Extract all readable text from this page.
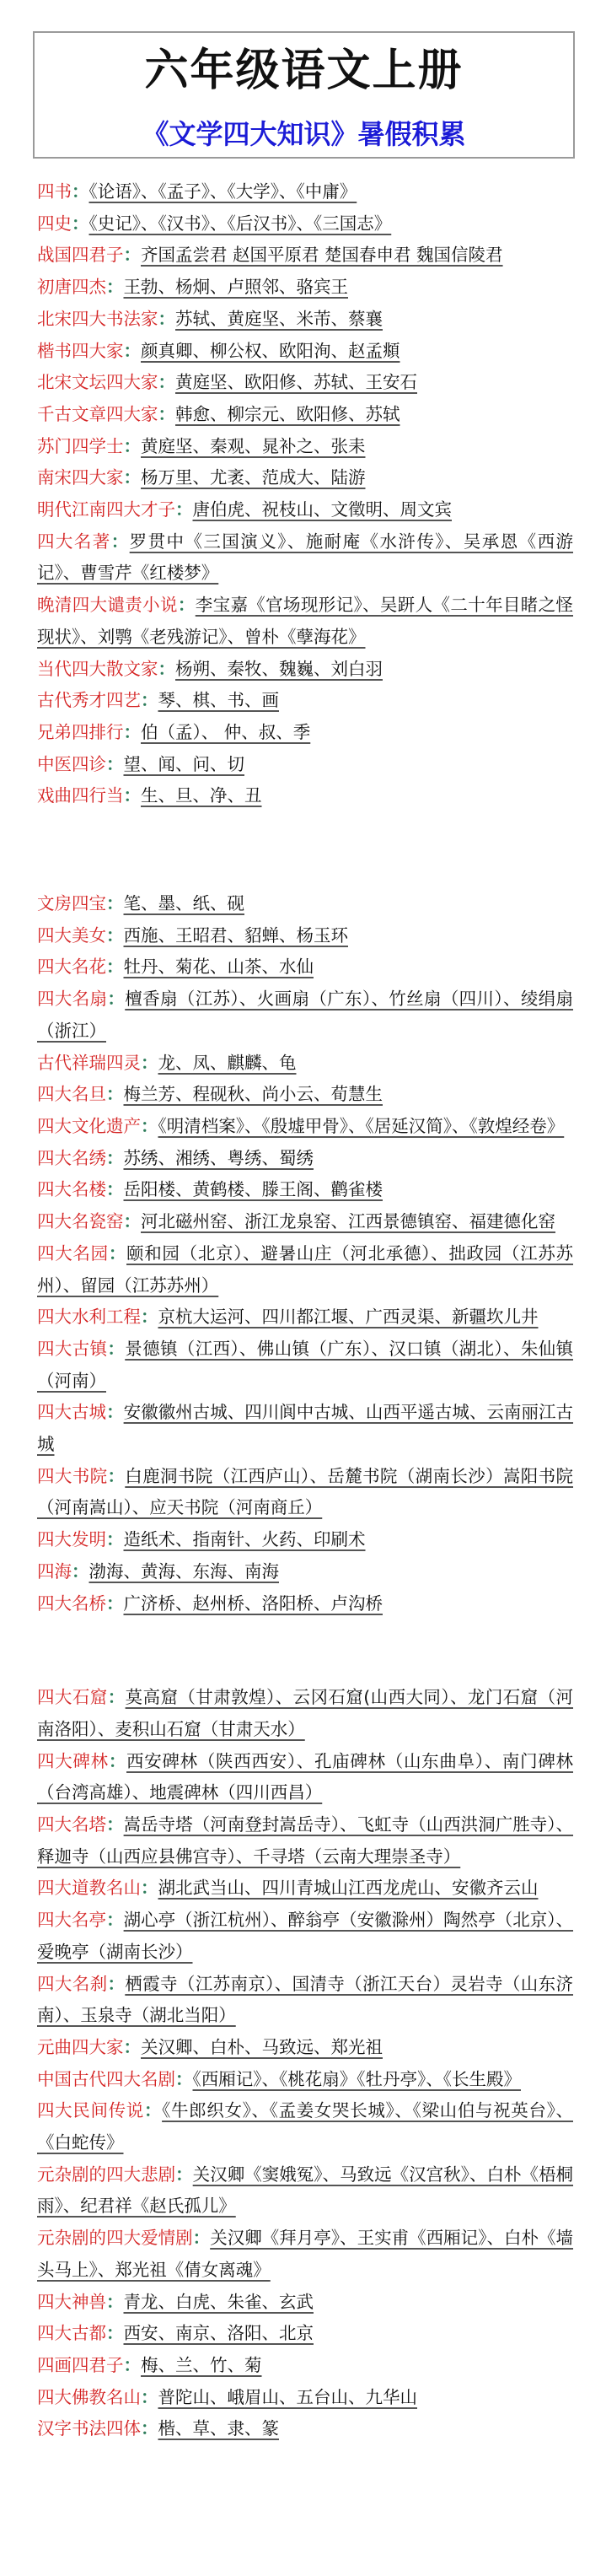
六年级语文上册
《文学四大知识》暑假积累
四书：《论语》、《孟子》、《大学》、《中庸》
四史：《史记》、《汉书》、《后汉书》、《三国志》
战国四君子：齐国孟尝君 赵国平原君 楚国春申君 魏国信陵君
初唐四杰：王勃、杨炯、卢照邻、骆宾王
北宋四大书法家：苏轼、黄庭坚、米芾、蔡襄
楷书四大家：颜真卿、柳公权、欧阳洵、赵孟頫
北宋文坛四大家：黄庭坚、欧阳修、苏轼、王安石
千古文章四大家：韩愈、柳宗元、欧阳修、苏轼
苏门四学士：黄庭坚、秦观、晁补之、张耒
南宋四大家：杨万里、尤袤、范成大、陆游
明代江南四大才子：唐伯虎、祝枝山、文徵明、周文宾
四大名著：罗贯中《三国演义》、施耐庵《水浒传》、吴承恩《西游记》、曹雪芹《红楼梦》
晚清四大谴责小说：李宝嘉《官场现形记》、吴趼人《二十年目睹之怪现状》、刘鹗《老残游记》、曾朴《孽海花》
当代四大散文家：杨朔、秦牧、魏巍、刘白羽
古代秀才四艺：琴、棋、书、画
兄弟四排行：伯（孟）、 仲、叔、季
中医四诊：望、闻、问、切
戏曲四行当：生、旦、净、丑
文房四宝：笔、墨、纸、砚
四大美女：西施、王昭君、貂蝉、杨玉环
四大名花：牡丹、菊花、山茶、水仙
四大名扇：檀香扇（江苏）、火画扇（广东）、竹丝扇（四川）、绫绢扇（浙江）
古代祥瑞四灵：龙、凤、麒麟、龟
四大名旦：梅兰芳、程砚秋、尚小云、荀慧生
四大文化遗产：《明清档案》、《殷墟甲骨》、《居延汉简》、《敦煌经卷》
四大名绣：苏绣、湘绣、粤绣、蜀绣
四大名楼：岳阳楼、黄鹤楼、滕王阁、鹳雀楼
四大名瓷窑：河北磁州窑、浙江龙泉窑、江西景德镇窑、福建德化窑
四大名园：颐和园（北京）、避暑山庄（河北承德）、拙政园（江苏苏州）、留园（江苏苏州）
四大水利工程：京杭大运河、四川都江堰、广西灵渠、新疆坎儿井
四大古镇：景德镇（江西）、佛山镇（广东）、汉口镇（湖北）、朱仙镇（河南）
四大古城：安徽徽州古城、四川阆中古城、山西平遥古城、云南丽江古城
四大书院：白鹿洞书院（江西庐山）、岳麓书院（湖南长沙）嵩阳书院（河南嵩山）、应天书院（河南商丘）
四大发明：造纸术、指南针、火药、印刷术
四海：渤海、黄海、东海、南海
四大名桥：广济桥、赵州桥、洛阳桥、卢沟桥
四大石窟：莫高窟（甘肃敦煌）、云冈石窟(山西大同）、龙门石窟（河南洛阳）、麦积山石窟（甘肃天水）
四大碑林：西安碑林（陕西西安）、孔庙碑林（山东曲阜）、南门碑林（台湾高雄）、地震碑林（四川西昌）
四大名塔：嵩岳寺塔（河南登封嵩岳寺）、飞虹寺（山西洪洞广胜寺）、释迦寺（山西应县佛宫寺）、千寻塔（云南大理崇圣寺）
四大道教名山：湖北武当山、四川青城山江西龙虎山、安徽齐云山
四大名亭：湖心亭（浙江杭州）、醉翁亭（安徽滁州）陶然亭（北京）、爱晚亭（湖南长沙）
四大名刹：栖霞寺（江苏南京）、国清寺（浙江天台）灵岩寺（山东济南）、玉泉寺（湖北当阳）
元曲四大家：关汉卿、白朴、马致远、郑光祖
中国古代四大名剧：《西厢记》、《桃花扇》《牡丹亭》、《长生殿》
四大民间传说：《牛郎织女》、《孟姜女哭长城》、《梁山伯与祝英台》、《白蛇传》
元杂剧的四大悲剧：关汉卿《窦娥冤》、马致远《汉宫秋》、白朴《梧桐雨》、纪君祥《赵氏孤儿》
元杂剧的四大爱情剧：关汉卿《拜月亭》、王实甫《西厢记》、白朴《墙头马上》、郑光祖《倩女离魂》
四大神兽：青龙、白虎、朱雀、玄武
四大古都：西安、南京、洛阳、北京
四画四君子：梅、兰、竹、菊
四大佛教名山：普陀山、峨眉山、五台山、九华山
汉字书法四体：楷、草、隶、篆
